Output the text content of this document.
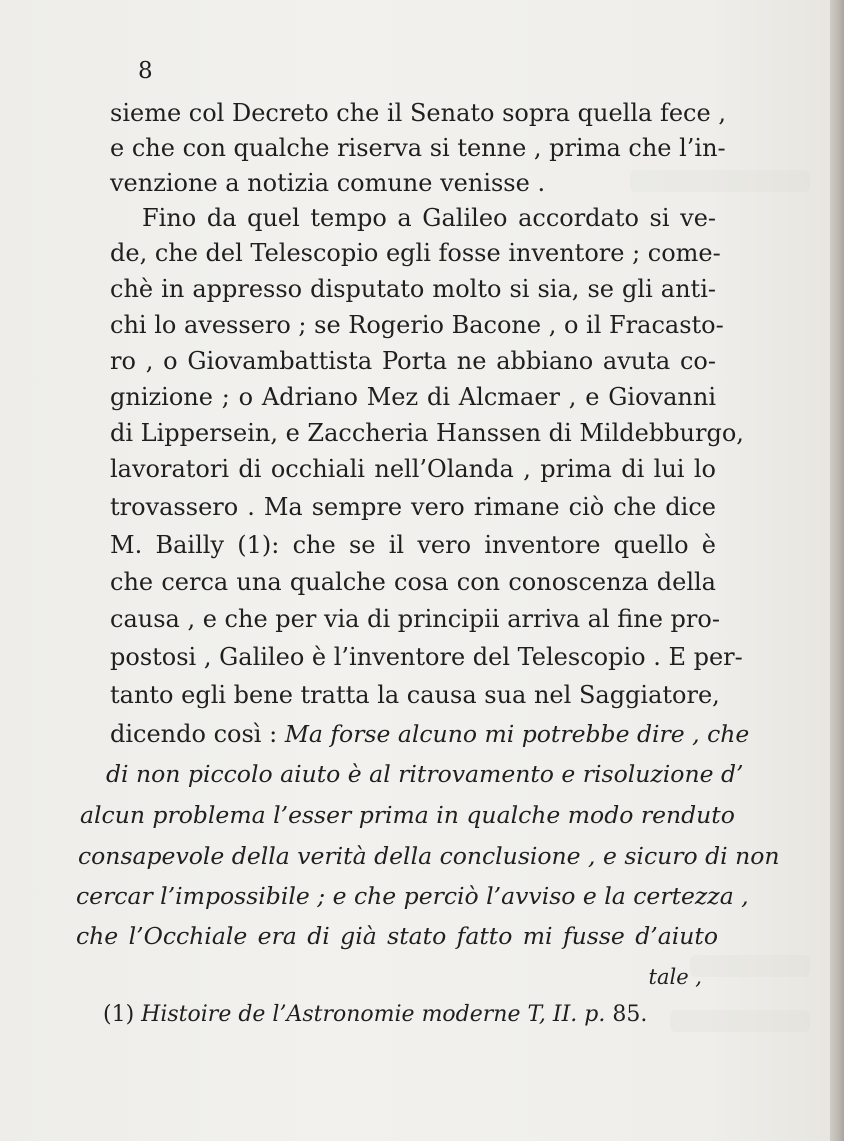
8
sieme col Decreto che il Senato sopra quella fece ,
e che con qualche riserva si tenne , prima che l’in-
venzione a notizia comune venisse .
Fino da quel tempo a Galileo accordato si ve-
de, che del Telescopio egli fosse inventore ; come-
chè in appresso disputato molto si sia, se gli anti-
chi lo avessero ; se Rogerio Bacone , o il Fracasto-
ro , o Giovambattista Porta ne abbiano avuta co-
gnizione ; o Adriano Mez di Alcmaer , e Giovanni
di Lippersein, e Zaccheria Hanssen di Mildebburgo,
lavoratori di occhiali nell’Olanda , prima di lui lo
trovassero . Ma sempre vero rimane ciò che dice
M. Bailly (1): che se il vero inventore quello è
che cerca una qualche cosa con conoscenza della
causa , e che per via di principii arriva al fine pro-
postosi , Galileo è l’inventore del Telescopio . E per-
tanto egli bene tratta la causa sua nel Saggiatore,
dicendo così : Ma forse alcuno mi potrebbe dire , che
di non piccolo aiuto è al ritrovamento e risoluzione d’
alcun problema l’esser prima in qualche modo renduto
consapevole della verità della conclusione , e sicuro di non
cercar l’impossibile ; e che perciò l’avviso e la certezza ,
che l’Occhiale era di già stato fatto mi fusse d’aiuto
tale ,
(1) Histoire de l’Astronomie moderne T, II. p. 85.
